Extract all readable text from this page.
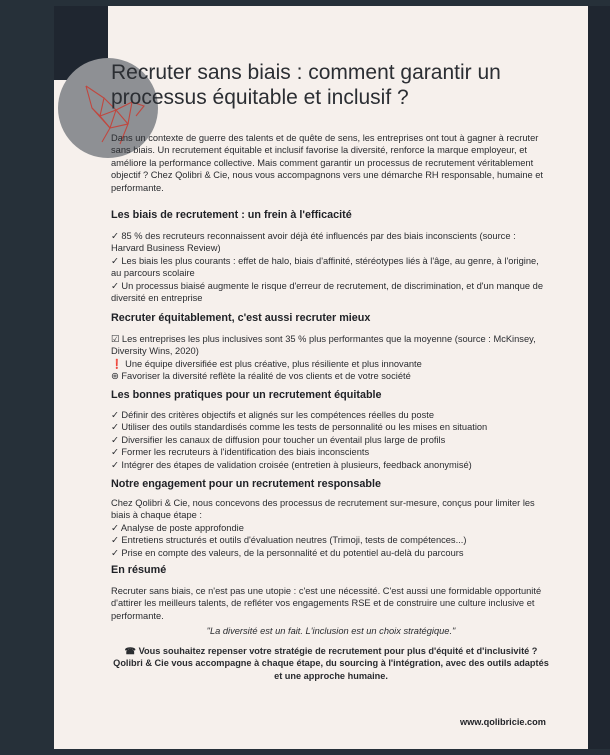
Recruter sans biais : comment garantir un processus équitable et inclusif ?
Dans un contexte de guerre des talents et de quête de sens, les entreprises ont tout à gagner à recruter sans biais. Un recrutement équitable et inclusif favorise la diversité, renforce la marque employeur, et améliore la performance collective. Mais comment garantir un processus de recrutement véritablement objectif ? Chez Qolibri & Cie, nous vous accompagnons vers une démarche RH responsable, humaine et performante.
Les biais de recrutement : un frein à l'efficacité
✓ 85 % des recruteurs reconnaissent avoir déjà été influencés par des biais inconscients (source : Harvard Business Review)
✓ Les biais les plus courants : effet de halo, biais d'affinité, stéréotypes liés à l'âge, au genre, à l'origine, au parcours scolaire
✓ Un processus biaisé augmente le risque d'erreur de recrutement, de discrimination, et d'un manque de diversité en entreprise
Recruter équitablement, c'est aussi recruter mieux
☑ Les entreprises les plus inclusives sont 35 % plus performantes que la moyenne (source : McKinsey, Diversity Wins, 2020)
❗ Une équipe diversifiée est plus créative, plus résiliente et plus innovante
⊛ Favoriser la diversité reflète la réalité de vos clients et de votre société
Les bonnes pratiques pour un recrutement équitable
✓ Définir des critères objectifs et alignés sur les compétences réelles du poste
✓ Utiliser des outils standardisés comme les tests de personnalité ou les mises en situation
✓ Diversifier les canaux de diffusion pour toucher un éventail plus large de profils
✓ Former les recruteurs à l'identification des biais inconscients
✓ Intégrer des étapes de validation croisée (entretien à plusieurs, feedback anonymisé)
Notre engagement pour un recrutement responsable
Chez Qolibri & Cie, nous concevons des processus de recrutement sur-mesure, conçus pour limiter les biais à chaque étape :
✓ Analyse de poste approfondie
✓ Entretiens structurés et outils d'évaluation neutres (Trimoji, tests de compétences...)
✓ Prise en compte des valeurs, de la personnalité et du potentiel au-delà du parcours
En résumé
Recruter sans biais, ce n'est pas une utopie : c'est une nécessité. C'est aussi une formidable opportunité d'attirer les meilleurs talents, de refléter vos engagements RSE et de construire une culture inclusive et performante.
"La diversité est un fait. L'inclusion est un choix stratégique."
☎ Vous souhaitez repenser votre stratégie de recrutement pour plus d'équité et d'inclusivité ? Qolibri & Cie vous accompagne à chaque étape, du sourcing à l'intégration, avec des outils adaptés et une approche humaine.
www.qolibricie.com
